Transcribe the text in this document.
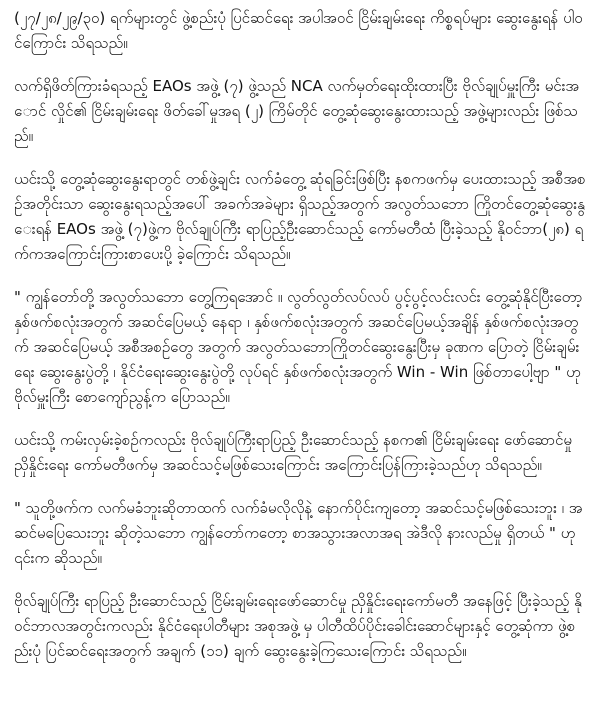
(၂၇/၂၈/၂၉/၃၀) ရက်များတွင် ဖွဲ့စည်းပုံ ပြင်ဆင်ရေး အပါအဝင် ငြိမ်းချမ်းရေး ကိစ္စရပ်များ ဆွေးနွေးရန် ပါဝင်ကြောင်း သိရသည်။

လက်ရှိဖိတ်ကြားခံရသည့် EAOs အဖွဲ့ (၇) ဖွဲ့သည် NCA လက်မှတ်ရေးထိုးထားပြီး ဗိုလ်ချုပ်မှူးကြီး မင်းအောင် လှိုင်၏ ငြိမ်းချမ်းရေး ဖိတ်ခေါ်မှုအရ (၂) ကြိမ်တိုင် တွေ့ဆုံဆွေးနွေးထားသည့် အဖွဲ့များလည်း ဖြစ်သည်။

ယင်းသို့ တွေ့ဆုံဆွေးနွေးရာတွင် တစ်ဖွဲ့ချင်း လက်ခံတွေ့ ဆုံရခြင်းဖြစ်ပြီး နစကဖက်မှ ပေးထားသည့် အစီအစဉ်အတိုင်းသာ ဆွေးနွေးရသည့်အပေါ် အခက်အခဲများ ရှိသည့်အတွက် အလွတ်သဘော ကြိုတင်တွေ့ဆုံဆွေးနွေးရန် EAOs အဖွဲ့ (၇)ဖွဲ့က ဗိုလ်ချုပ်ကြီး ရာပြည့်ဦးဆောင်သည့် ကော်မတီထံ ပြီးခဲ့သည့် နိုဝင်ဘာ(၂၈) ရက်ကအကြောင်းကြားစာပေးပို့ ခဲ့ကြောင်း သိရသည်။

" ကျွန်တော်တို့ အလွတ်သဘော တွေ့ကြရအောင် ။ လွတ်လွတ်လပ်လပ် ပွင့်ပွင့်လင်းလင်း တွေ့ဆုံနိုင်ပြီးတော့ နှစ်ဖက်စလုံးအတွက် အဆင်ပြေမယ့် နေရာ ၊ နှစ်ဖက်စလုံးအတွက် အဆင်ပြေမယ့်အချိန် နှစ်ဖက်စလုံးအတွက် အဆင်ပြေမယ့် အစီအစဉ်တွေ အတွက် အလွတ်သဘောကြိုတင်ဆွေးနွေးပြီးမှ ခုဏက ပြောတဲ့ ငြိမ်းချမ်းရေး ဆွေးနွေးပွဲတို့ ၊ နိုင်ငံရေးဆွေးနွေးပွဲတို့ လုပ်ရင် နှစ်ဖက်စလုံးအတွက် Win - Win ဖြစ်တာပေါ့ဗျာ " ဟု ဗိုလ်မှူးကြီး စောကျော်ညွန့်က ပြောသည်။

ယင်းသို့ ကမ်းလှမ်းခဲ့စဉ်ကလည်း ဗိုလ်ချုပ်ကြီးရာပြည့် ဦးဆောင်သည့် နစက၏ ငြိမ်းချမ်းရေး ဖော်ဆောင်မှု ညှိနှိုင်းရေး ကော်မတီဖက်မှ အဆင်သင့်မဖြစ်သေးကြောင်း အကြောင်းပြန်ကြားခဲ့သည်ဟု သိရသည်။

" သူတို့ဖက်က လက်မခံဘူးဆိုတာထက် လက်ခံမလိုလိုနဲ့ နောက်ပိုင်းကျတော့ အဆင်သင့်မဖြစ်သေးဘူး ၊ အဆင်မပြေသေးဘူး ဆိုတဲ့သဘော ကျွန်တော်ကတော့ စာအသွားအလာအရ အဲဒီလို နားလည်မှု ရှိတယ် " ဟု ၎င်းက ဆိုသည်။

ဗိုလ်ချုပ်ကြီး ရာပြည့် ဦးဆောင်သည့် ငြိမ်းချမ်းရေးဖော်ဆောင်မှု ညှိနှိုင်းရေးကော်မတီ အနေဖြင့် ပြီးခဲ့သည့် နိုဝင်ဘာလအတွင်းကလည်း နိုင်ငံရေးပါတီများ အစုအဖွဲ့ မှ ပါတီထိပ်ပိုင်းခေါင်းဆောင်များနှင့် တွေ့ဆုံကာ ဖွဲ့စည်းပုံ ပြင်ဆင်ရေးအတွက် အချက် (၁၁) ချက် ဆွေးနွေးခဲ့ကြသေးကြောင်း သိရသည်။
